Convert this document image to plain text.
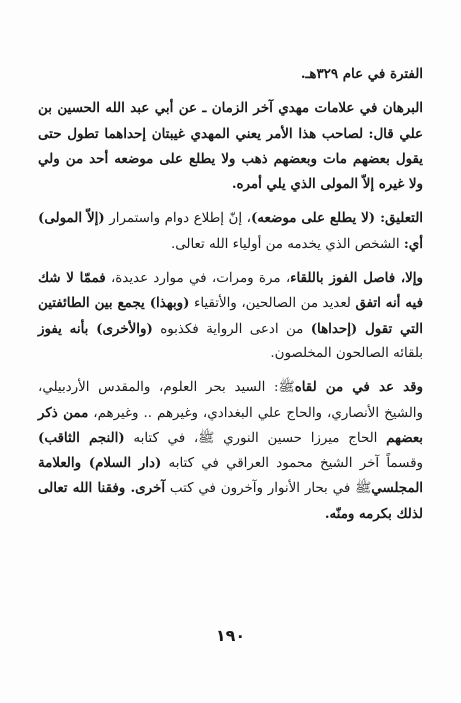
الفترة في عام ٣٢٩هـ.

البرهان في علامات مهدي آخر الزمان ـ عن أبي عبد الله الحسين بن علي قال: لصاحب هذا الأمر يعني المهدي غيبتان إحداهما تطول حتى يقول بعضهم مات وبعضهم ذهب ولا يطلع على موضعه أحد من ولي ولا غيره إلاّ المولى الذي يلي أمره.

التعليق: (لا يطلع على موضعه)، إنّ إطلاع دوام واستمرار (إلاّ المولى) أي: الشخص الذي يخدمه من أولياء الله تعالى.

وإلا، فاصل الفوز باللقاء، مرة ومرات، في موارد عديدة، فممّا لا شك فيه أنه اتفق لعديد من الصالحين، والأتقياء (وبهذا) يجمع بين الطائفتين التي تقول (إحداها) من ادعى الرواية فكذبوه (والأخرى) بأنه يفوز بلقائه الصالحون المخلصون.

وقد عد في من لقاهﷺ: السيد بحر العلوم، والمقدس الأردبيلي، والشيخ الأنصاري، والحاج علي البغدادي، وغيرهم .. وغيرهم، ممن ذكر بعضهم الحاج ميرزا حسين النوري ﷺ، في كتابه (النجم الثاقب) وقسماً آخر الشيخ محمود العراقي في كتابه (دار السلام) والعلامة المجلسيﷺ في بحار الأنوار وآخرون في كتب آخرى. وفقنا الله تعالى لذلك بكرمه ومنّه.

١٩٠
